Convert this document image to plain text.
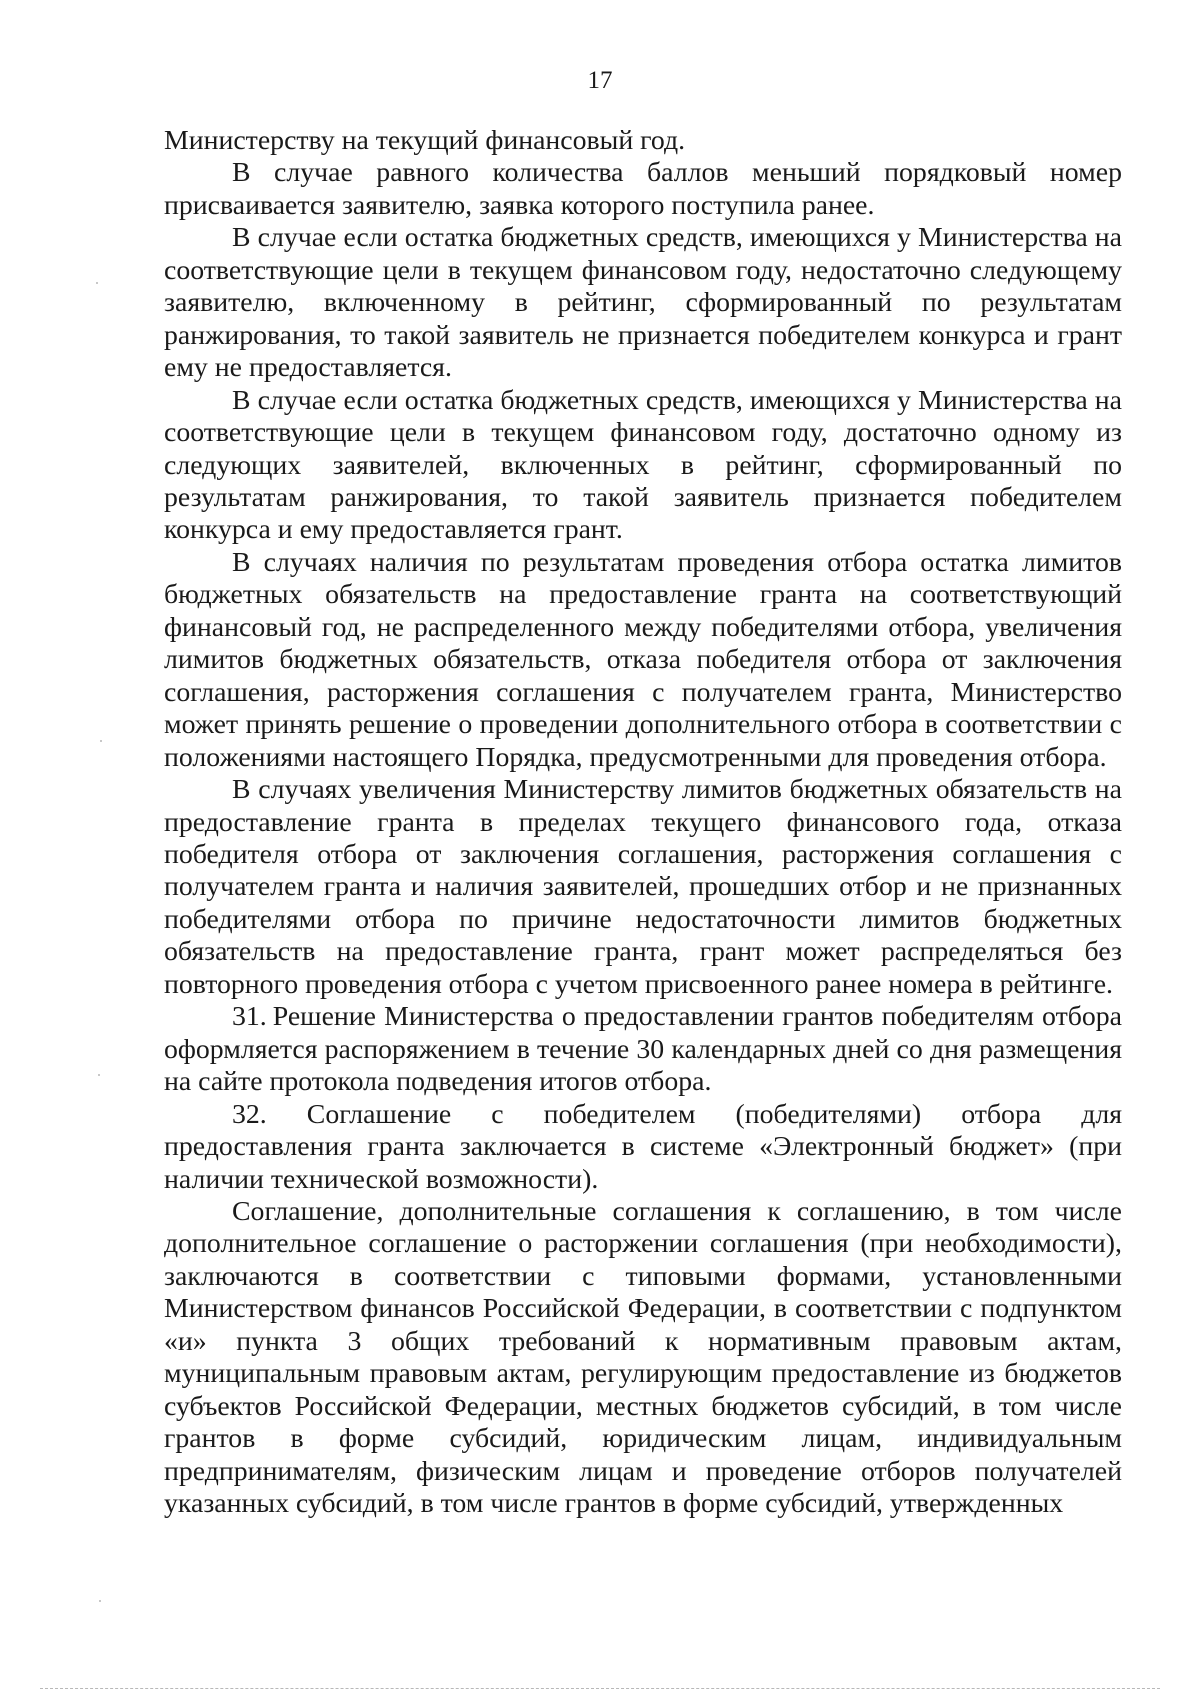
17

Министерству на текущий финансовый год.

В случае равного количества баллов меньший порядковый номер присваивается заявителю, заявка которого поступила ранее.

В случае если остатка бюджетных средств, имеющихся у Министерства на соответствующие цели в текущем финансовом году, недостаточно следующему заявителю, включенному в рейтинг, сформированный по результатам ранжирования, то такой заявитель не признается победителем конкурса и грант ему не предоставляется.

В случае если остатка бюджетных средств, имеющихся у Министерства на соответствующие цели в текущем финансовом году, достаточно одному из следующих заявителей, включенных в рейтинг, сформированный по результатам ранжирования, то такой заявитель признается победителем конкурса и ему предоставляется грант.

В случаях наличия по результатам проведения отбора остатка лимитов бюджетных обязательств на предоставление гранта на соответствующий финансовый год, не распределенного между победителями отбора, увеличения лимитов бюджетных обязательств, отказа победителя отбора от заключения соглашения, расторжения соглашения с получателем гранта, Министерство может принять решение о проведении дополнительного отбора в соответствии с положениями настоящего Порядка, предусмотренными для проведения отбора.

В случаях увеличения Министерству лимитов бюджетных обязательств на предоставление гранта в пределах текущего финансового года, отказа победителя отбора от заключения соглашения, расторжения соглашения с получателем гранта и наличия заявителей, прошедших отбор и не признанных победителями отбора по причине недостаточности лимитов бюджетных обязательств на предоставление гранта, грант может распределяться без повторного проведения отбора с учетом присвоенного ранее номера в рейтинге.

31. Решение Министерства о предоставлении грантов победителям отбора оформляется распоряжением в течение 30 календарных дней со дня размещения на сайте протокола подведения итогов отбора.

32. Соглашение с победителем (победителями) отбора для

предоставления гранта заключается в системе «Электронный бюджет» (при наличии технической возможности).

Соглашение, дополнительные соглашения к соглашению, в том числе дополнительное соглашение о расторжении соглашения (при необходимости), заключаются в соответствии с типовыми формами, установленными Министерством финансов Российской Федерации, в соответствии с подпунктом «и» пункта 3 общих требований к нормативным правовым актам, муниципальным правовым актам, регулирующим предоставление из бюджетов субъектов Российской Федерации, местных бюджетов субсидий, в том числе грантов в форме субсидий, юридическим лицам, индивидуальным предпринимателям, физическим лицам и проведение отборов получателей указанных субсидий, в том числе грантов в форме субсидий, утвержденных
